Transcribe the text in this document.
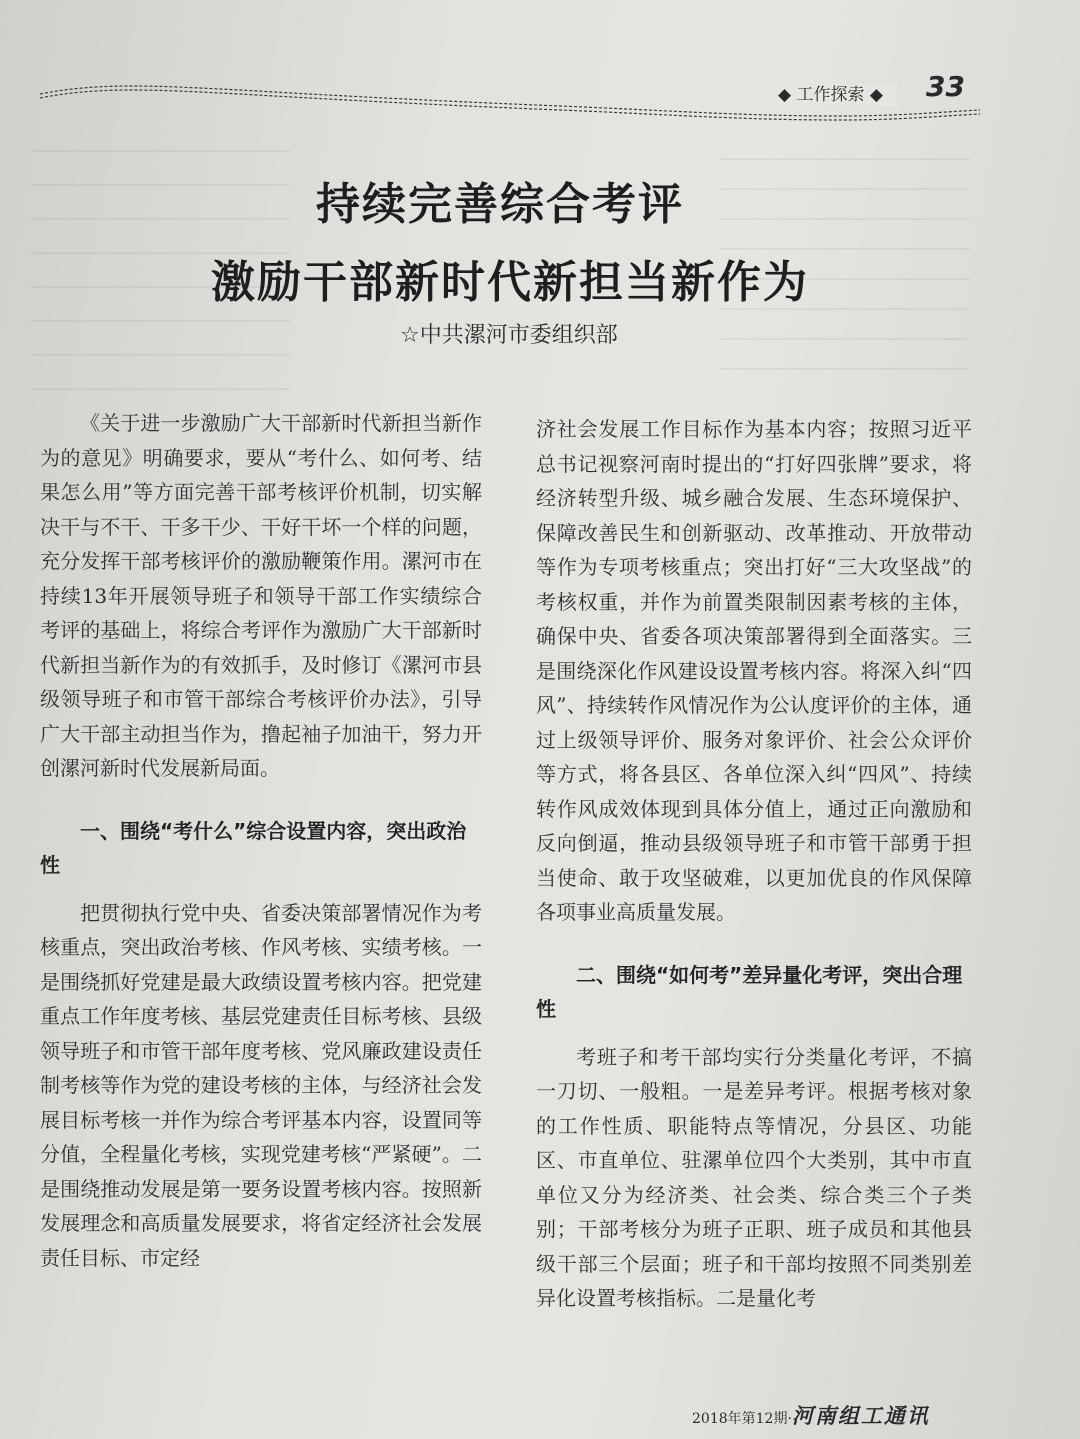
◆ 工作探索 ◆	33
持续完善综合考评
激励干部新时代新担当新作为
☆中共漯河市委组织部

《关于进一步激励广大干部新时代新担当新作为的意见》明确要求，要从“考什么、如何考、结果怎么用”等方面完善干部考核评价机制，切实解决干与不干、干多干少、干好干坏一个样的问题，充分发挥干部考核评价的激励鞭策作用。漯河市在持续13年开展领导班子和领导干部工作实绩综合考评的基础上，将综合考评作为激励广大干部新时代新担当新作为的有效抓手，及时修订《漯河市县级领导班子和市管干部综合考核评价办法》，引导广大干部主动担当作为，撸起袖子加油干，努力开创漯河新时代发展新局面。

一、围绕“考什么”综合设置内容，突出政治性

把贯彻执行党中央、省委决策部署情况作为考核重点，突出政治考核、作风考核、实绩考核。一是围绕抓好党建是最大政绩设置考核内容。把党建重点工作年度考核、基层党建责任目标考核、县级领导班子和市管干部年度考核、党风廉政建设责任制考核等作为党的建设考核的主体，与经济社会发展目标考核一并作为综合考评基本内容，设置同等分值，全程量化考核，实现党建考核“严紧硬”。二是围绕推动发展是第一要务设置考核内容。按照新发展理念和高质量发展要求，将省定经济社会发展责任目标、市定经

济社会发展工作目标作为基本内容；按照习近平总书记视察河南时提出的“打好四张牌”要求，将经济转型升级、城乡融合发展、生态环境保护、保障改善民生和创新驱动、改革推动、开放带动等作为专项考核重点；突出打好“三大攻坚战”的考核权重，并作为前置类限制因素考核的主体，确保中央、省委各项决策部署得到全面落实。三是围绕深化作风建设设置考核内容。将深入纠“四风”、持续转作风情况作为公认度评价的主体，通过上级领导评价、服务对象评价、社会公众评价等方式，将各县区、各单位深入纠“四风”、持续转作风成效体现到具体分值上，通过正向激励和反向倒逼，推动县级领导班子和市管干部勇于担当使命、敢于攻坚破难，以更加优良的作风保障各项事业高质量发展。

二、围绕“如何考”差异量化考评，突出合理性

考班子和考干部均实行分类量化考评，不搞一刀切、一般粗。一是差异考评。根据考核对象的工作性质、职能特点等情况，分县区、功能区、市直单位、驻漯单位四个大类别，其中市直单位又分为经济类、社会类、综合类三个子类别；干部考核分为班子正职、班子成员和其他县级干部三个层面；班子和干部均按照不同类别差异化设置考核指标。二是量化考

2018年第12期·河南组工通讯
